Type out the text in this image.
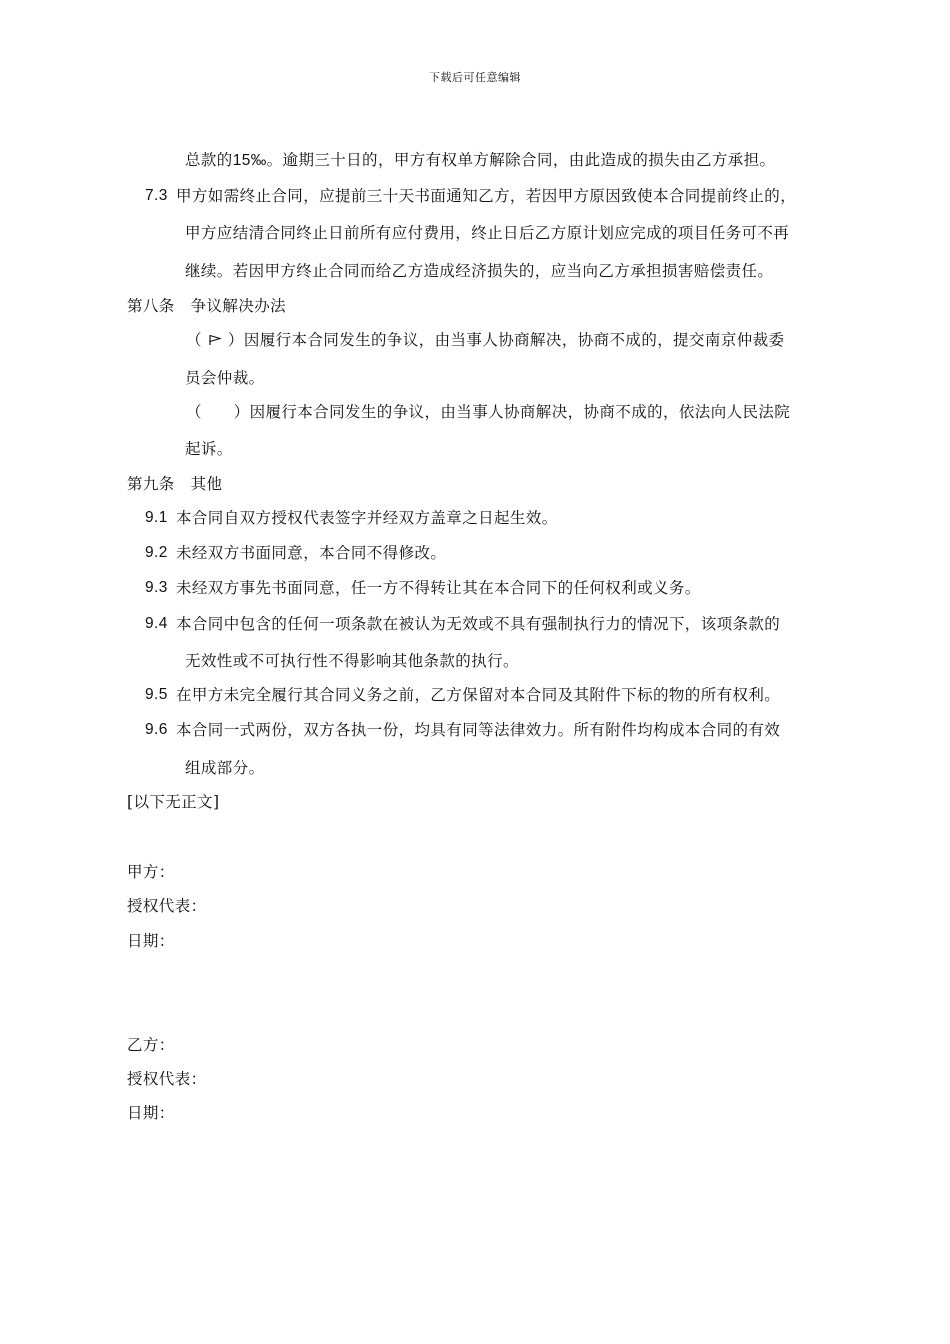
下载后可任意编辑
总款的15‰。逾期三十日的，甲方有权单方解除合同，由此造成的损失由乙方承担。
7.3 甲方如需终止合同，应提前三十天书面通知乙方，若因甲方原因致使本合同提前终止的，
甲方应结清合同终止日前所有应付费用，终止日后乙方原计划应完成的项目任务可不再
继续。若因甲方终止合同而给乙方造成经济损失的，应当向乙方承担损害赔偿责任。
第八条　争议解决办法
（ ）因履行本合同发生的争议，由当事人协商解决，协商不成的，提交南京仲裁委
员会仲裁。
（　　）因履行本合同发生的争议，由当事人协商解决，协商不成的，依法向人民法院
起诉。
第九条　其他
9.1 本合同自双方授权代表签字并经双方盖章之日起生效。
9.2 未经双方书面同意，本合同不得修改。
9.3 未经双方事先书面同意，任一方不得转让其在本合同下的任何权利或义务。
9.4 本合同中包含的任何一项条款在被认为无效或不具有强制执行力的情况下，该项条款的
无效性或不可执行性不得影响其他条款的执行。
9.5 在甲方未完全履行其合同义务之前，乙方保留对本合同及其附件下标的物的所有权利。
9.6 本合同一式两份，双方各执一份，均具有同等法律效力。所有附件均构成本合同的有效
组成部分。
[以下无正文]
甲方：
授权代表：
日期：
乙方：
授权代表：
日期：
